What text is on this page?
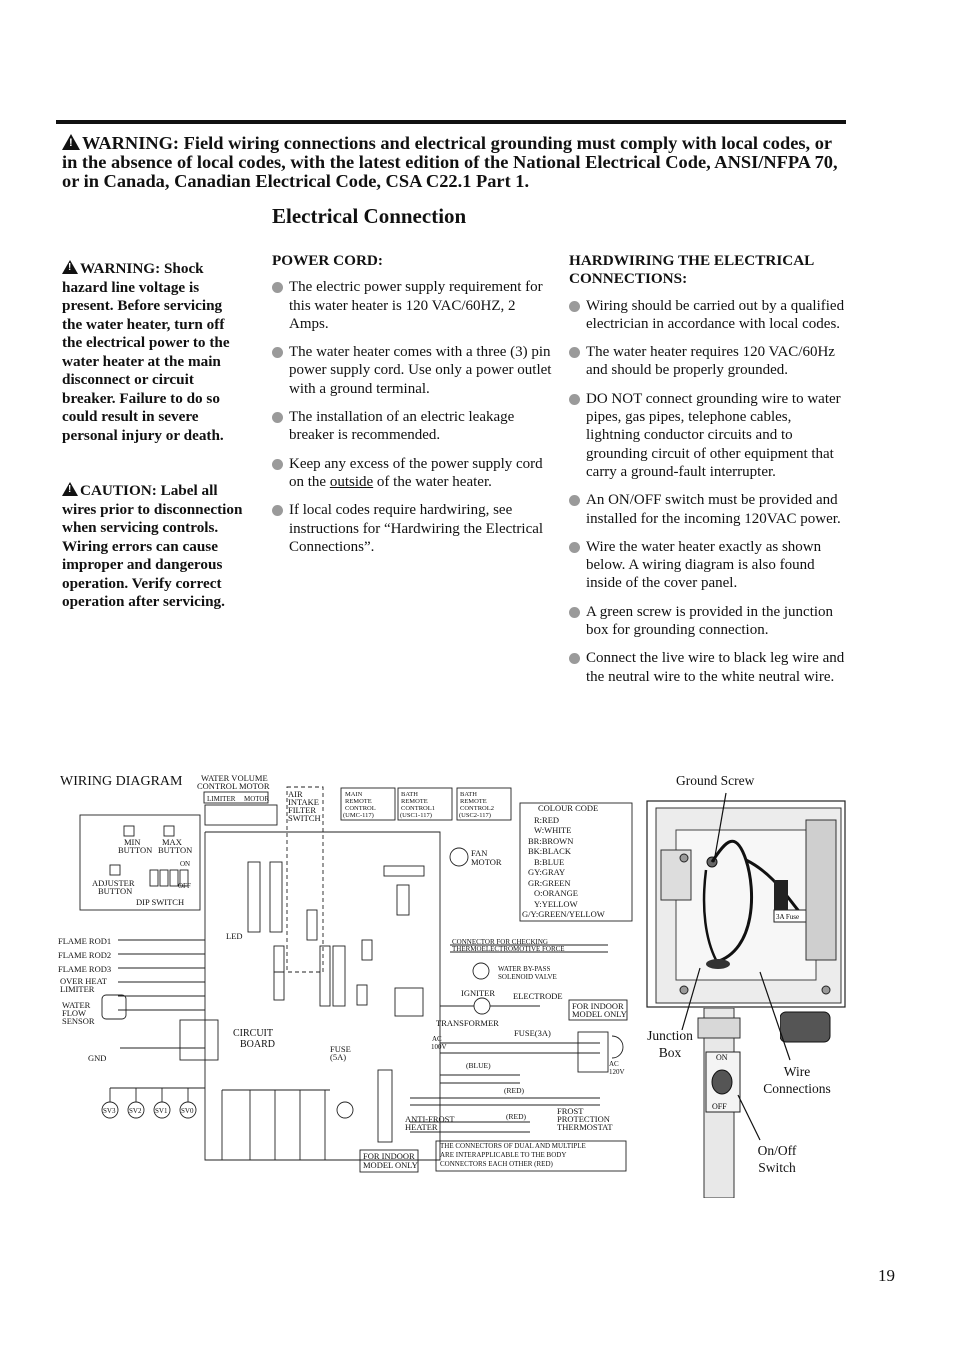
!WARNING: Field wiring connections and electrical grounding must comply with local codes, or in the absence of local codes, with the latest edition of the National Electrical Code, ANSI/NFPA 70, or in Canada, Canadian Electrical Code, CSA C22.1 Part 1.
Electrical Connection
!WARNING: Shock hazard line voltage is present. Before servicing the water heater, turn off the electrical power to the water heater at the main disconnect or circuit breaker. Failure to do so could result in severe personal injury or death.
!CAUTION: Label all wires prior to disconnection when servicing controls. Wiring errors can cause improper and dangerous operation. Verify correct operation after servicing.
POWER CORD:
The electric power supply requirement for this water heater is 120 VAC/60HZ, 2 Amps.
The water heater comes with a three (3) pin power supply cord. Use only a power outlet with a ground terminal.
The installation of an electric leakage breaker is recommended.
Keep any excess of the power supply cord on the outside of the water heater.
If local codes require hardwiring, see instructions for “Hardwiring the Electrical Connections”.
HARDWIRING THE ELECTRICAL CONNECTIONS:
Wiring should be carried out by a qualified electrician in accordance with local codes.
The water heater requires 120 VAC/60Hz and should be properly grounded.
DO NOT connect grounding wire to water pipes, gas pipes, telephone cables, lightning conductor circuits and to grounding circuit of other equipment that carry a ground-fault interrupter.
An ON/OFF switch must be provided and installed for the incoming 120VAC power.
Wire the water heater exactly as shown below. A wiring diagram is also found inside of the cover panel.
A green screw is provided in the junction box for grounding connection.
Connect the live wire to black leg wire and the neutral wire to the white neutral wire.
WIRING DIAGRAM WATER VOLUME
CONTROL MOTOR
LIMITER MOTOR AIR
INTAKE
FILTER
SWITCH
MAIN
REMOTE
CONTROL
(UMC-117)
BATH
REMOTE
CONTROL1
(USC1-117)
BATH
REMOTE
CONTROL2
(USC2-117)
COLOUR CODE
R:RED
W:WHITE
BR:BROWN
BK:BLACK
B:BLUE
GY:GRAY
GR:GREEN
O:ORANGE
Y:YELLOW
G/Y:GREEN/YELLOW
MIN
BUTTON
MAX
BUTTON
ADJUSTER
BUTTON
DIP SWITCH
ON
OFF
LED
FAN
MOTOR
FLAME ROD1
FLAME ROD2
FLAME ROD3
OVER HEAT
LIMITER
WATER
FLOW
SENSOR
GND
CIRCUIT
BOARD	FUSE
(5A)
CONNECTOR FOR CHECKING
THERMOELECTROMOTIVE FORCE
WATER BY-PASS
SOLENOID VALVE
IGNITER ELECTRODE
TRANSFORMER
FUSE(3A)
FOR INDOOR
MODEL ONLY
AC
100V
AC
120V
(BLUE)
(RED)
(RED)
ANTI-FROST
HEATER
FROST
PROTECTION
THERMOSTAT
THE CONNECTORS OF DUAL AND MULTIPLE
ARE INTERAPPLICABLE TO THE BODY
CONNECTORS EACH OTHER (RED)
FOR INDOOR
MODEL ONLY
SV3 SV2 SV1 SV0
3A Fuse
ON
OFF
Ground Screw
Junction
Box
Wire
Connections
On/Off
Switch
19
